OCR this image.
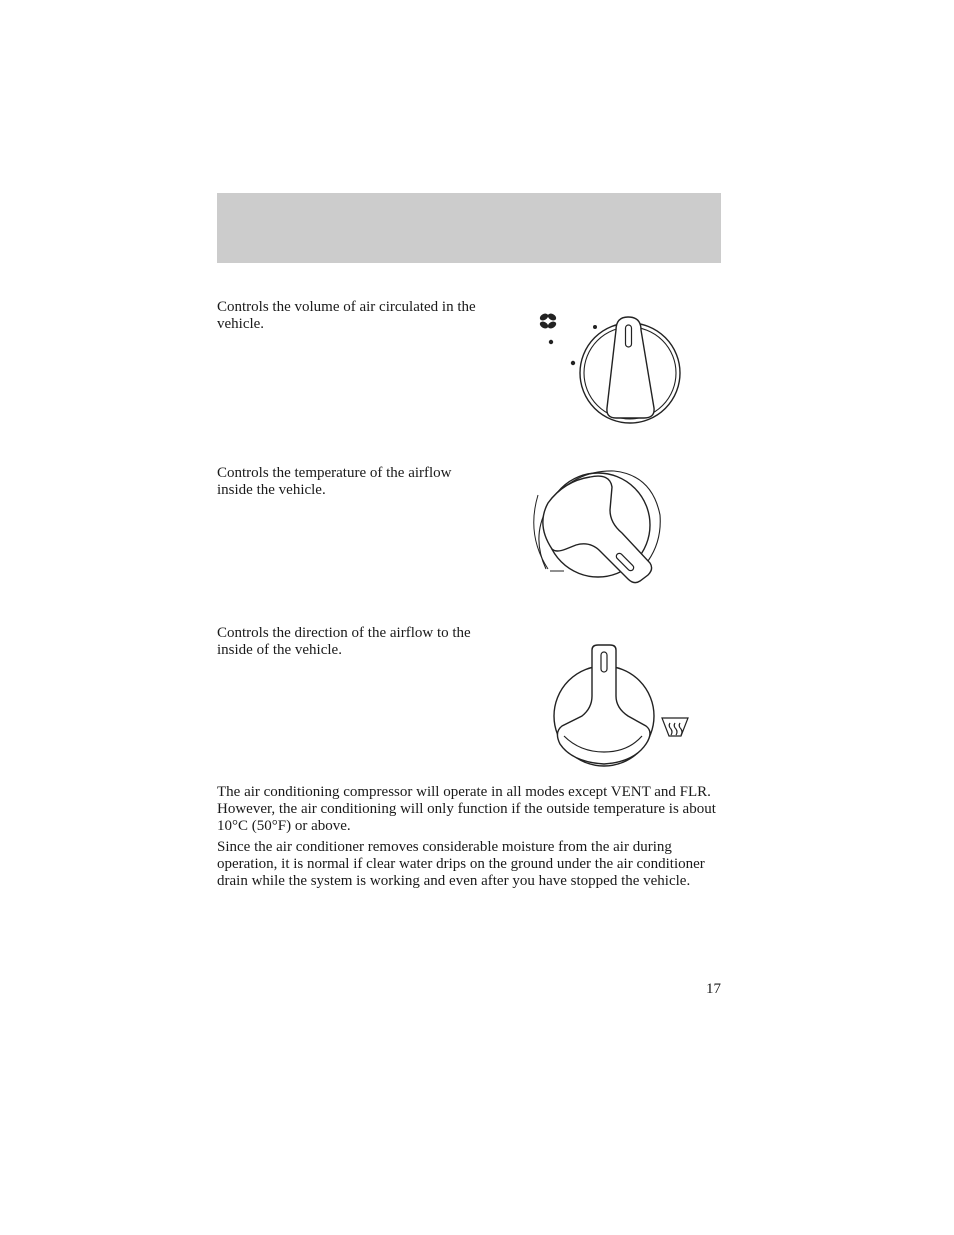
Controls the volume of air circulated in the vehicle.

Controls the temperature of the airflow inside the vehicle.

Controls the direction of the airflow to the inside of the vehicle.

The air conditioning compressor will operate in all modes except VENT and FLR. However, the air conditioning will only function if the outside temperature is about 10°C (50°F) or above.

Since the air conditioner removes considerable moisture from the air during operation, it is normal if clear water drips on the ground under the air conditioner drain while the system is working and even after you have stopped the vehicle.

17
